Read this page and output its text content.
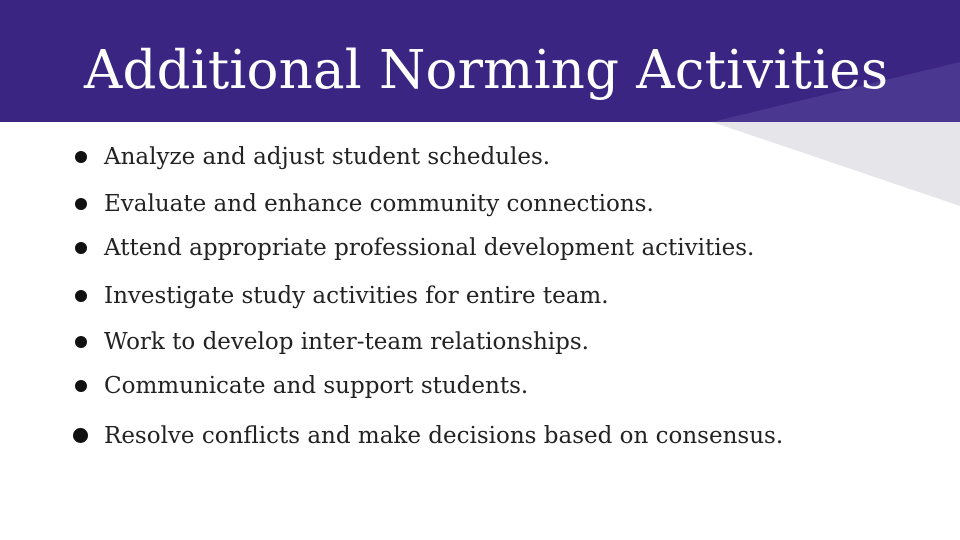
Additional Norming Activities
Analyze and adjust student schedules.
Evaluate and enhance community connections.
Attend appropriate professional development activities.
Investigate study activities for entire team.
Work to develop inter-team relationships.
Communicate and support students.
Resolve conflicts and make decisions based on consensus.
